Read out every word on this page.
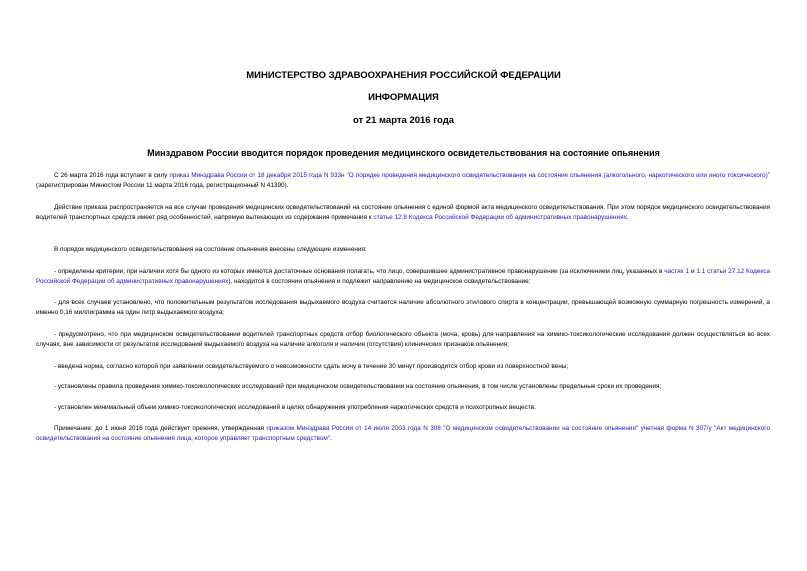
МИНИСТЕРСТВО ЗДРАВООХРАНЕНИЯ РОССИЙСКОЙ ФЕДЕРАЦИИ
ИНФОРМАЦИЯ
от 21 марта 2016 года
Минздравом России вводится порядок проведения медицинского освидетельствования на состояние опьянения
С 26 марта 2016 года вступает в силу приказ Минздрава России от 18 декабря 2015 года N 933н "О порядке проведения медицинского освидетельствования на состояние опьянения (алкогольного, наркотического или иного токсического)" (зарегистрирован Минюстом России 11 марта 2016 года, регистрационный N 41390).
Действие приказа распространяется на все случаи проведения медицинских освидетельствований на состояние опьянения с единой формой акта медицинского освидетельствования. При этом порядок медицинского освидетельствования водителей транспортных средств имеет ряд особенностей, напрямую вытекающих из содержания примечания к статье 12.8 Кодекса Российской Федерации об административных правонарушениях.
В порядок медицинского освидетельствования на состояние опьянения внесены следующие изменения:
- определены критерии, при наличии хотя бы одного из которых имеются достаточные основания полагать, что лицо, совершившее административное правонарушение (за исключением лиц, указанных в частях 1 и 1.1 статьи 27.12 Кодекса Российской Федерации об административных правонарушениях), находится в состоянии опьянения и подлежит направлению на медицинское освидетельствование;
- для всех случаев установлено, что положительным результатом исследования выдыхаемого воздуха считается наличие абсолютного этилового спирта в концентрации, превышающей возможную суммарную погрешность измерений, а именно 0,16 миллиграмма на один литр выдыхаемого воздуха;
- предусмотрено, что при медицинском освидетельствовании водителей транспортных средств отбор биологического объекта (моча, кровь) для направления на химико-токсикологические исследования должен осуществляться во всех случаях, вне зависимости от результатов исследований выдыхаемого воздуха на наличие алкоголя и наличия (отсутствия) клинических признаков опьянения;
- введена норма, согласно которой при заявлении освидетельствуемого о невозможности сдать мочу в течение 30 минут производится отбор крови из поверхностной вены;
- установлены правила проведения химико-токсикологических исследований при медицинском освидетельствовании на состояние опьянения, в том числе установлены предельные сроки их проведения;
- установлен минимальный объем химико-токсикологических исследований в целях обнаружения употребления наркотических средств и психотропных веществ.
Примечание: до 1 июня 2016 года действует прежняя, утвержденная приказом Минздрава России от 14 июля 2003 года N 308 "О медицинском освидетельствовании на состояние опьянения" учетная форма N 307/у "Акт медицинского освидетельствования на состояние опьянения лица, которое управляет транспортным средством".
